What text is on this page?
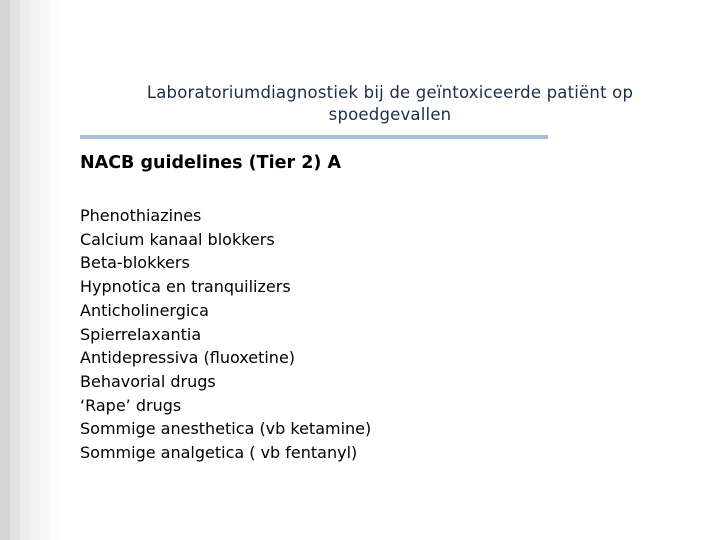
Laboratoriumdiagnostiek bij de geïntoxiceerde patiënt op spoedgevallen
NACB guidelines (Tier 2) A
Phenothiazines
Calcium kanaal blokkers
Beta-blokkers
Hypnotica en tranquilizers
Anticholinergica
Spierrelaxantia
Antidepressiva (fluoxetine)
Behavorial drugs
‘Rape’ drugs
Sommige anesthetica (vb ketamine)
Sommige analgetica ( vb fentanyl)
